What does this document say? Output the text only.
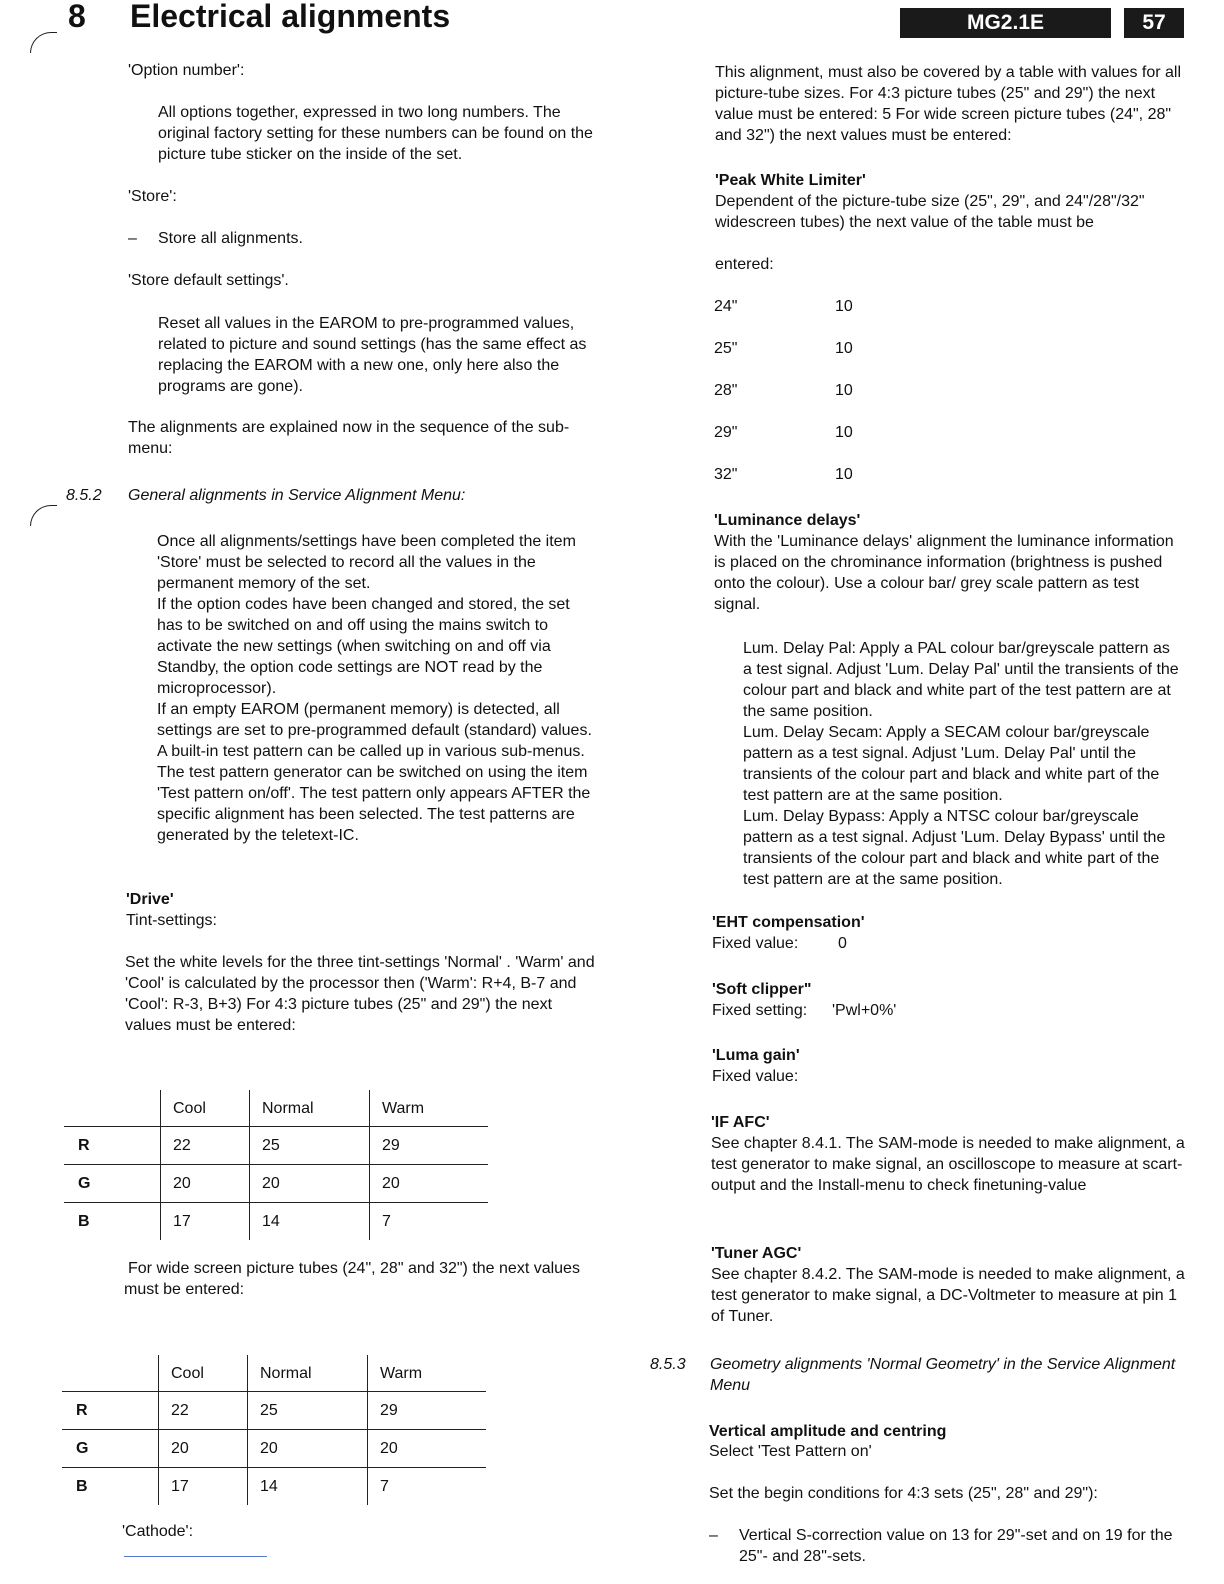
8 Electrical alignments	MG2.1E	57
'Option number':
All options together, expressed in two long numbers. The original factory setting for these numbers can be found on the picture tube sticker on the inside of the set.
'Store':
–	Store all alignments.
'Store default settings'.
Reset all values in the EAROM to pre-programmed values, related to picture and sound settings (has the same effect as replacing the EAROM with a new one, only here also the programs are gone).
The alignments are explained now in the sequence of the sub-menu:
8.5.2 General alignments in Service Alignment Menu:

Once all alignments/settings have been completed the item 'Store' must be selected to record all the values in the permanent memory of the set.

If the option codes have been changed and stored, the set has to be switched on and off using the mains switch to activate the new settings (when switching on and off via Standby, the option code settings are NOT read by the microprocessor).

If an empty EAROM (permanent memory) is detected, all settings are set to pre-programmed default (standard) values.

A built-in test pattern can be called up in various sub-menus. The test pattern generator can be switched on using the item 'Test pattern on/off'. The test pattern only appears AFTER the specific alignment has been selected. The test patterns are generated by the teletext-IC.

'Drive'
Tint-settings:
Set the white levels for the three tint-settings 'Normal' . 'Warm' and 'Cool' is calculated by the processor then ('Warm': R+4, B-7 and 'Cool': R-3, B+3) For 4:3 picture tubes (25" and 29") the next values must be entered:
	Cool	Normal	Warm
R	22	25	29
G	20	20	20
B	17	14	7
For wide screen picture tubes (24", 28" and 32") the next values must be entered:
	Cool	Normal	Warm
R	22	25	29
G	20	20	20
B	17	14	7
'Cathode':
This alignment, must also be covered by a table with values for all picture-tube sizes. For 4:3 picture tubes (25" and 29") the next value must be entered: 5 For wide screen picture tubes (24", 28" and 32") the next values must be entered:
'Peak White Limiter'
Dependent of the picture-tube size (25", 29", and 24"/28"/32" widescreen tubes) the next value of the table must be
entered:
24"	10
25"	10
28"	10
29"	10
32"	10
'Luminance delays'
With the 'Luminance delays' alignment the luminance information is placed on the chrominance information (brightness is pushed onto the colour). Use a colour bar/ grey scale pattern as test signal.

Lum. Delay Pal: Apply a PAL colour bar/greyscale pattern as a test signal. Adjust 'Lum. Delay Pal' until the transients of the colour part and black and white part of the test pattern are at the same position.

Lum. Delay Secam: Apply a SECAM colour bar/greyscale pattern as a test signal. Adjust 'Lum. Delay Pal' until the transients of the colour part and black and white part of the test pattern are at the same position.

Lum. Delay Bypass: Apply a NTSC colour bar/greyscale pattern as a test signal. Adjust 'Lum. Delay Bypass' until the transients of the colour part and black and white part of the test pattern are at the same position.

'EHT compensation'
Fixed value: 0
'Soft clipper"
Fixed setting: 'Pwl+0%'
'Luma gain'
Fixed value:
'IF AFC'
See chapter 8.4.1. The SAM-mode is needed to make alignment, a test generator to make signal, an oscilloscope to measure at scart-output and the Install-menu to check finetuning-value
'Tuner AGC'
See chapter 8.4.2. The SAM-mode is needed to make alignment, a test generator to make signal, a DC-Voltmeter to measure at pin 1 of Tuner.
8.5.3 Geometry alignments 'Normal Geometry' in the Service Alignment Menu
Vertical amplitude and centring
Select 'Test Pattern on'
Set the begin conditions for 4:3 sets (25", 28" and 29"):
–	Vertical S-correction value on 13 for 29"-set and on 19 for the 25"- and 28"-sets.
